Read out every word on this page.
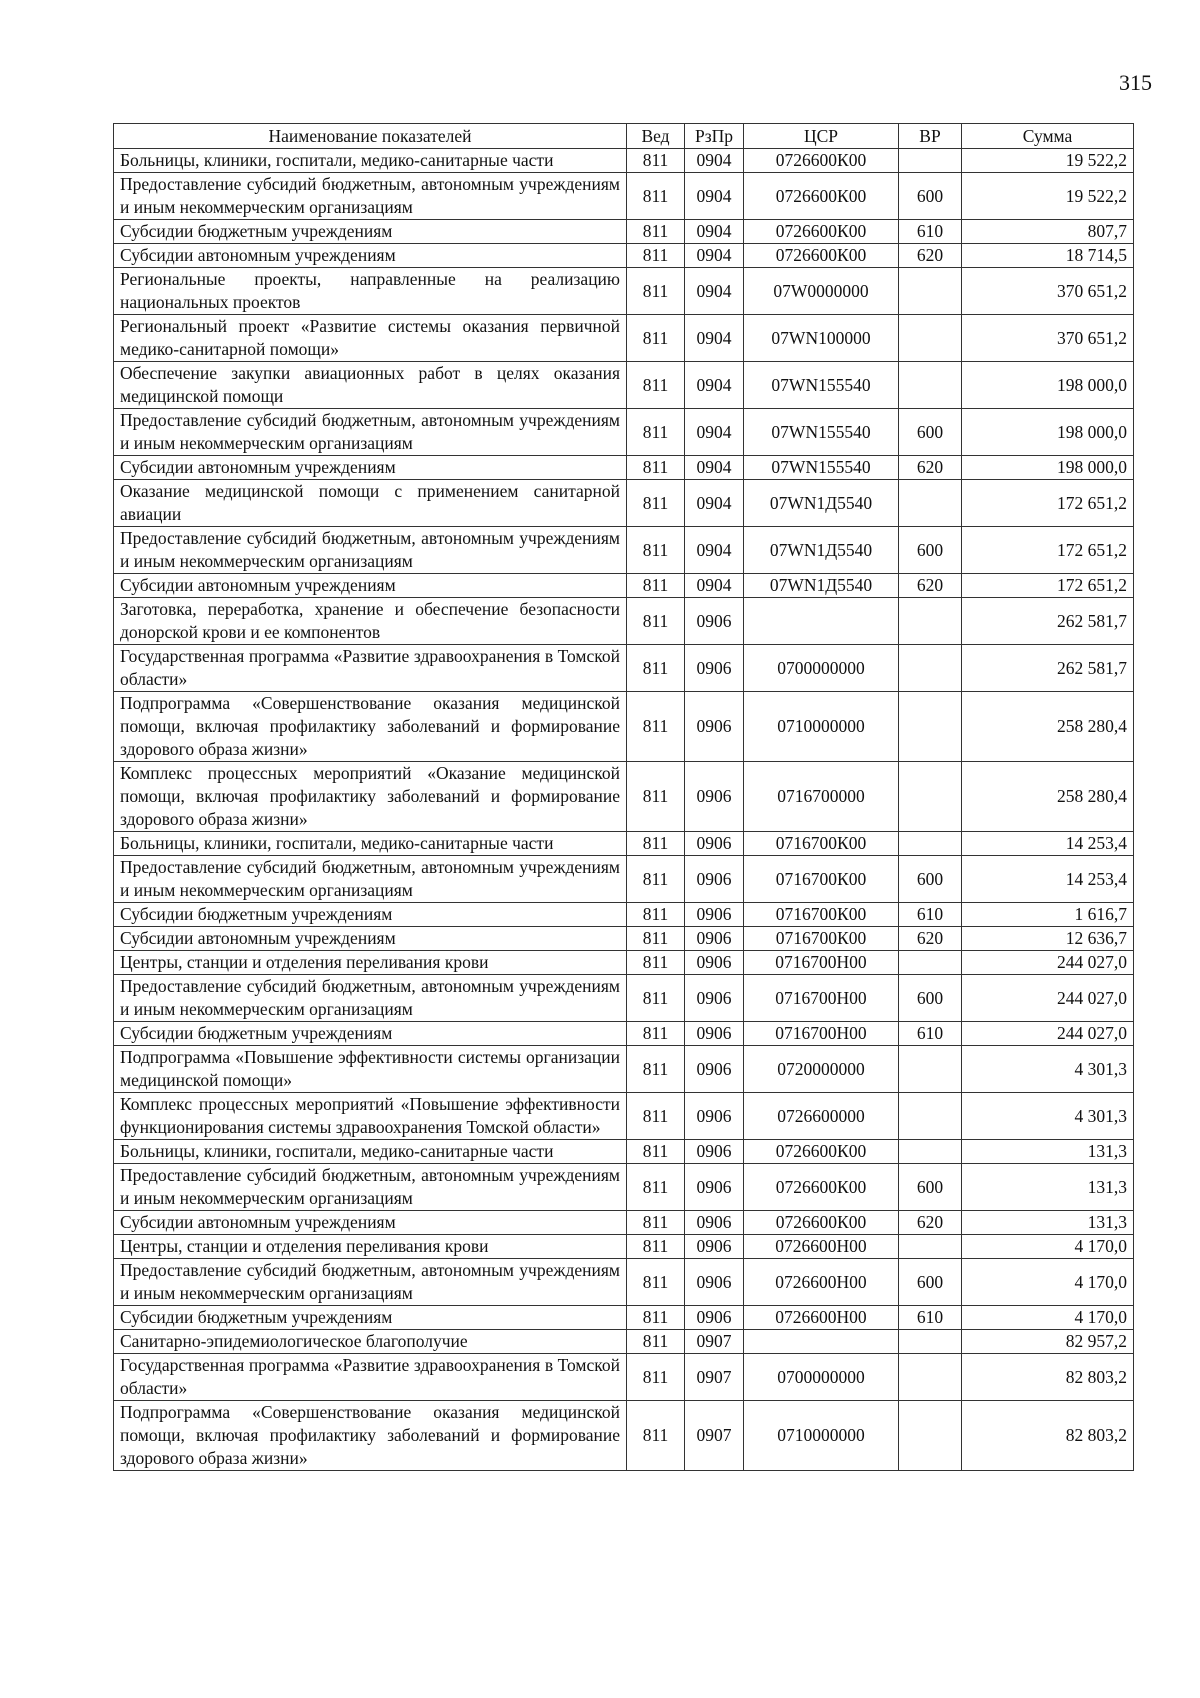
315
Наименование показателей	Вед	РзПр	ЦСР	ВР	Сумма
Больницы, клиники, госпитали, медико-санитарные части	811	0904	0726600К00		19 522,2
Предоставление субсидий бюджетным, автономным учреждениям и иным некоммерческим организациям	811	0904	0726600К00	600	19 522,2
Субсидии бюджетным учреждениям	811	0904	0726600К00	610	807,7
Субсидии автономным учреждениям	811	0904	0726600К00	620	18 714,5
Региональные проекты, направленные на реализацию национальных проектов	811	0904	07W0000000		370 651,2
Региональный проект «Развитие системы оказания первичной медико-санитарной помощи»	811	0904	07WN100000		370 651,2
Обеспечение закупки авиационных работ в целях оказания медицинской помощи	811	0904	07WN155540		198 000,0
Предоставление субсидий бюджетным, автономным учреждениям и иным некоммерческим организациям	811	0904	07WN155540	600	198 000,0
Субсидии автономным учреждениям	811	0904	07WN155540	620	198 000,0
Оказание медицинской помощи с применением санитарной авиации	811	0904	07WN1Д5540		172 651,2
Предоставление субсидий бюджетным, автономным учреждениям и иным некоммерческим организациям	811	0904	07WN1Д5540	600	172 651,2
Субсидии автономным учреждениям	811	0904	07WN1Д5540	620	172 651,2
Заготовка, переработка, хранение и обеспечение безопасности донорской крови и ее компонентов	811	0906			262 581,7
Государственная программа «Развитие здравоохранения в Томской области»	811	0906	0700000000		262 581,7
Подпрограмма «Совершенствование оказания медицинской помощи, включая профилактику заболеваний и формирование здорового образа жизни»	811	0906	0710000000		258 280,4
Комплекс процессных мероприятий «Оказание медицинской помощи, включая профилактику заболеваний и формирование здорового образа жизни»	811	0906	0716700000		258 280,4
Больницы, клиники, госпитали, медико-санитарные части	811	0906	0716700К00		14 253,4
Предоставление субсидий бюджетным, автономным учреждениям и иным некоммерческим организациям	811	0906	0716700К00	600	14 253,4
Субсидии бюджетным учреждениям	811	0906	0716700К00	610	1 616,7
Субсидии автономным учреждениям	811	0906	0716700К00	620	12 636,7
Центры, станции и отделения переливания крови	811	0906	0716700Н00		244 027,0
Предоставление субсидий бюджетным, автономным учреждениям и иным некоммерческим организациям	811	0906	0716700Н00	600	244 027,0
Субсидии бюджетным учреждениям	811	0906	0716700Н00	610	244 027,0
Подпрограмма «Повышение эффективности системы организации медицинской помощи»	811	0906	0720000000		4 301,3
Комплекс процессных мероприятий «Повышение эффективности функционирования системы здравоохранения Томской области»	811	0906	0726600000		4 301,3
Больницы, клиники, госпитали, медико-санитарные части	811	0906	0726600К00		131,3
Предоставление субсидий бюджетным, автономным учреждениям и иным некоммерческим организациям	811	0906	0726600К00	600	131,3
Субсидии автономным учреждениям	811	0906	0726600К00	620	131,3
Центры, станции и отделения переливания крови	811	0906	0726600Н00		4 170,0
Предоставление субсидий бюджетным, автономным учреждениям и иным некоммерческим организациям	811	0906	0726600Н00	600	4 170,0
Субсидии бюджетным учреждениям	811	0906	0726600Н00	610	4 170,0
Санитарно-эпидемиологическое благополучие	811	0907			82 957,2
Государственная программа «Развитие здравоохранения в Томской области»	811	0907	0700000000		82 803,2
Подпрограмма «Совершенствование оказания медицинской помощи, включая профилактику заболеваний и формирование здорового образа жизни»	811	0907	0710000000		82 803,2
